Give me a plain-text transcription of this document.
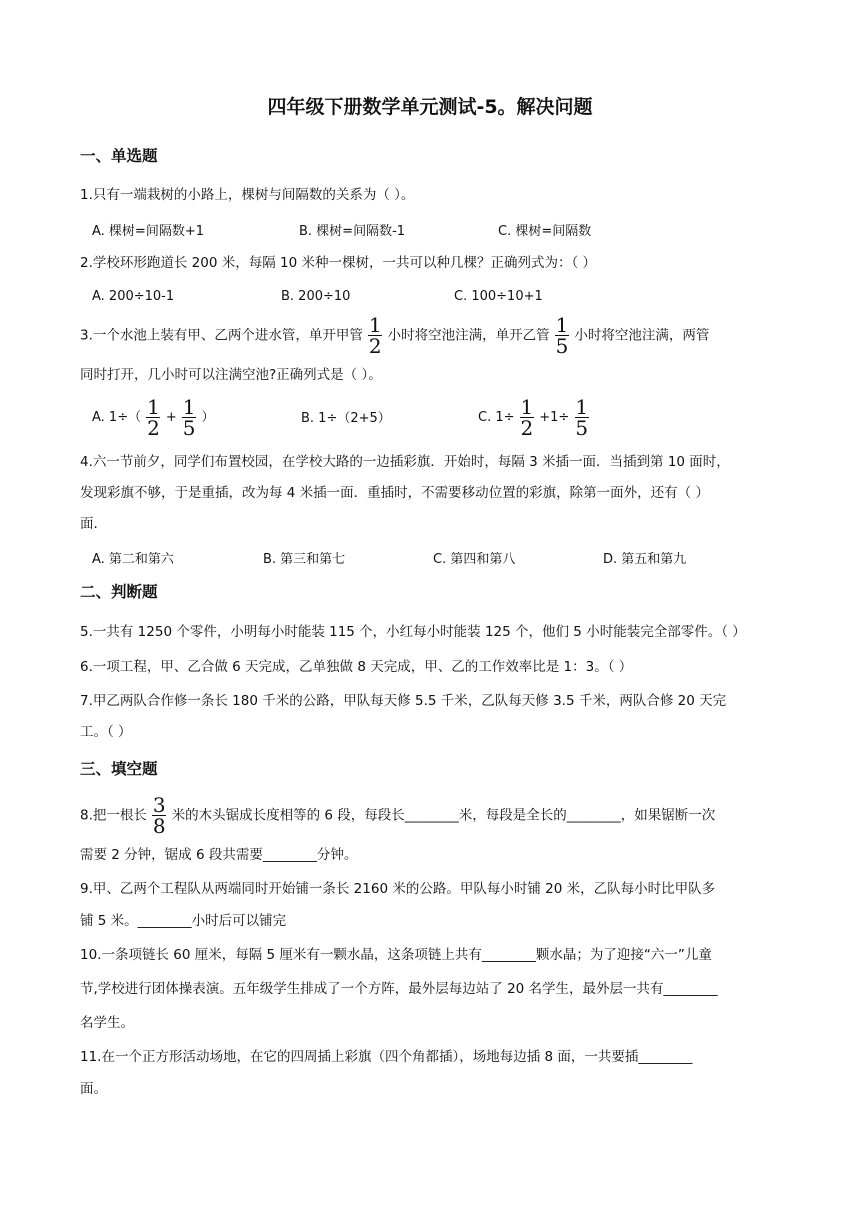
四年级下册数学单元测试-5。解决问题
一、单选题
1.只有一端栽树的小路上，棵树与间隔数的关系为（ ）。
A. 棵树=间隔数+1	B. 棵树=间隔数-1	C. 棵树=间隔数
2.学校环形跑道长 200 米，每隔 10 米种一棵树，一共可以种几棵？正确列式为：（ ）
A. 200÷10-1	B. 200÷10	C. 100÷10+1
3.一个水池上装有甲、乙两个进水管，单开甲管 $\frac{1}{2}$ 小时将空池注满，单开乙管 $\frac{1}{5}$ 小时将空池注满，两管
同时打开，几小时可以注满空池?正确列式是（ ）。
A. $1\div( \frac{1}{2} + \frac{1}{5}$ ）	B. 1÷（2+5）	C. $1\div \frac{1}{2} +1\div \frac{1}{5}$
4.六一节前夕，同学们布置校园，在学校大路的一边插彩旗．开始时，每隔 3 米插一面．当插到第 10 面时，
发现彩旗不够，于是重插，改为每 4 米插一面．重插时，不需要移动位置的彩旗，除第一面外，还有（ ）
面.
A. 第二和第六	B. 第三和第七	C. 第四和第八	D. 第五和第九
二、判断题
5.一共有 1250 个零件，小明每小时能装 115 个，小红每小时能装 125 个，他们 5 小时能装完全部零件。（ ）
6.一项工程，甲、乙合做 6 天完成，乙单独做 8 天完成，甲、乙的工作效率比是 1：3。（ ）
7.甲乙两队合作修一条长 180 千米的公路，甲队每天修 5.5 千米，乙队每天修 3.5 千米，两队合修 20 天完
工。（ ）
三、填空题
8.把一根长 $\frac{3}{8}$ 米的木头锯成长度相等的 6 段，每段长________米，每段是全长的________，如果锯断一次
需要 2 分钟，锯成 6 段共需要________分钟。
9.甲、乙两个工程队从两端同时开始铺一条长 2160 米的公路。甲队每小时铺 20 米，乙队每小时比甲队多
铺 5 米。________小时后可以铺完
10.一条项链长 60 厘米，每隔 5 厘米有一颗水晶，这条项链上共有________颗水晶；为了迎接“六一”儿童
节,学校进行团体操表演。五年级学生排成了一个方阵，最外层每边站了 20 名学生，最外层一共有________
名学生。
11.在一个正方形活动场地，在它的四周插上彩旗（四个角都插），场地每边插 8 面，一共要插________
面。
